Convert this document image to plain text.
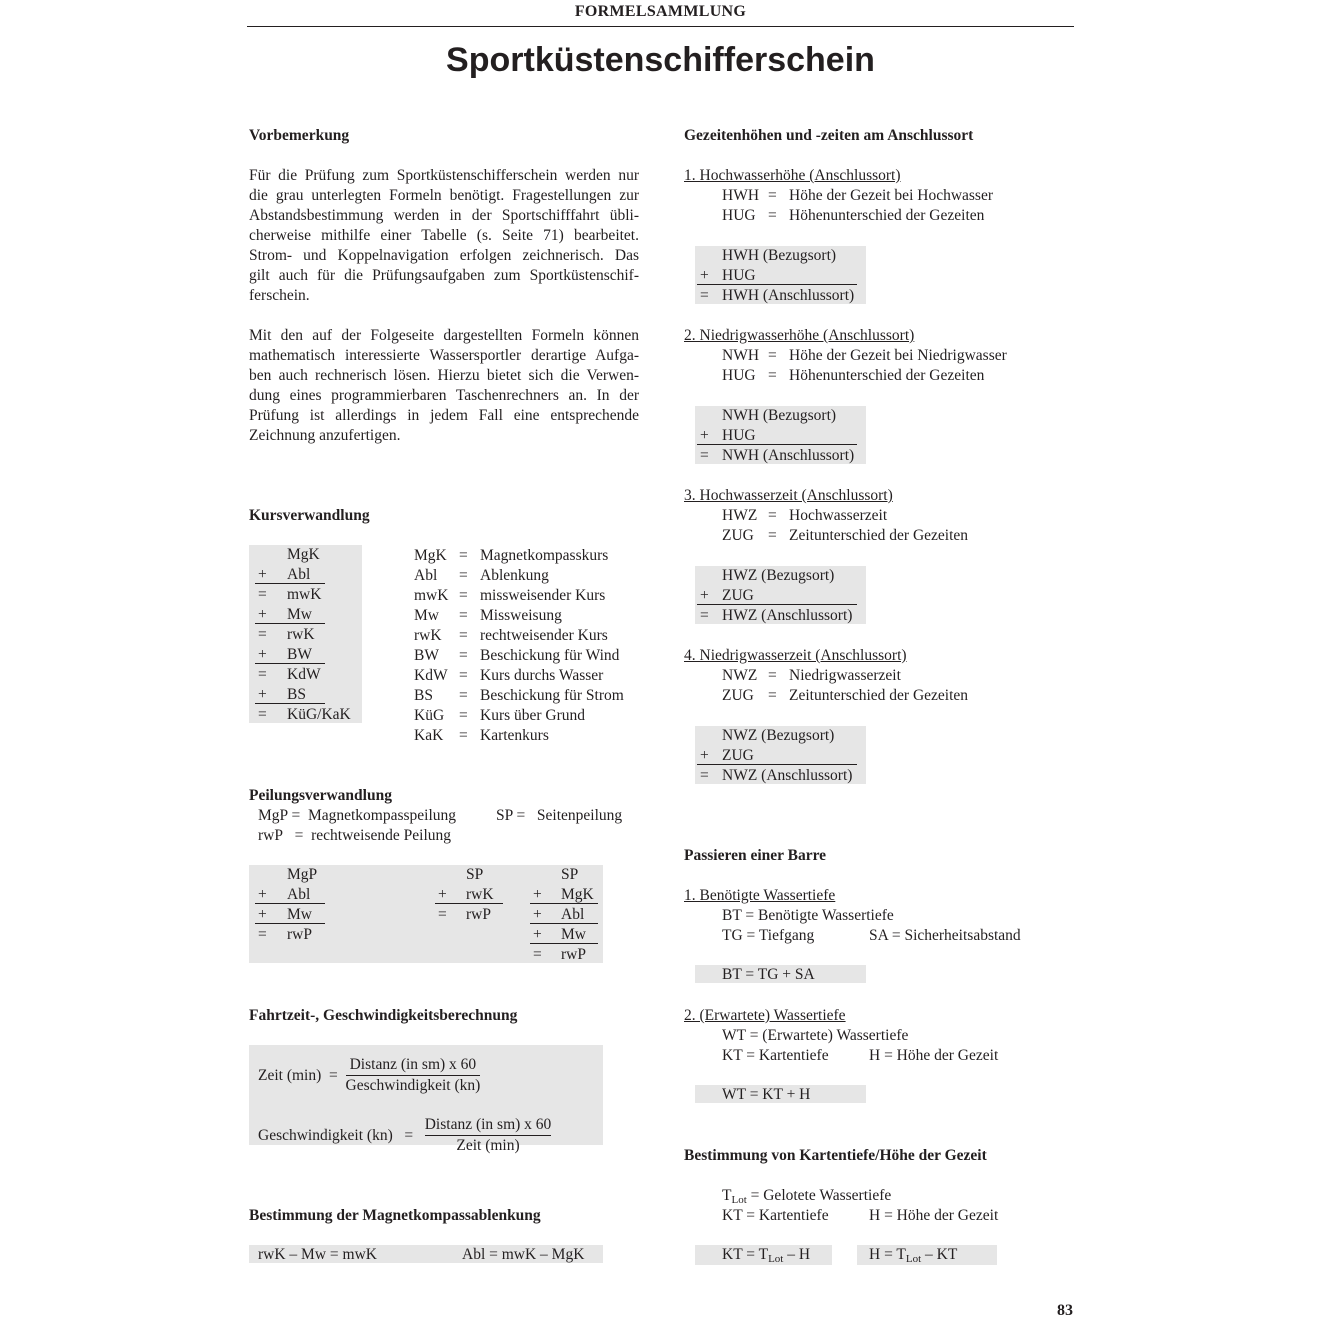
FORMELSAMMLUNG
Sportküstenschifferschein
Vorbemerkung
Für die Prüfung zum Sportküstenschifferschein werden nur
die grau unterlegten Formeln benötigt. Fragestellungen zur
Abstandsbestimmung werden in der Sportschifffahrt übli-
cherweise mithilfe einer Tabelle (s. Seite 71) bearbeitet.
Strom- und Koppelnavigation erfolgen zeichnerisch. Das
gilt auch für die Prüfungsaufgaben zum Sportküstenschif-
ferschein.
Mit den auf der Folgeseite dargestellten Formeln können
mathematisch interessierte Wassersportler derartige Aufga-
ben auch rechnerisch lösen. Hierzu bietet sich die Verwen-
dung eines programmierbaren Taschenrechners an. In der
Prüfung ist allerdings in jedem Fall eine entsprechende
Zeichnung anzufertigen.
Kursverwandlung
MgK
+ Abl
= mwK
+ Mw
= rwK
+ BW
= KdW
+ BS
= KüG/KaK
MgK = Magnetkompasskurs
Abl = Ablenkung
mwK = missweisender Kurs
Mw = Missweisung
rwK = rechtweisender Kurs
BW = Beschickung für Wind
KdW = Kurs durchs Wasser
BS = Beschickung für Strom
KüG = Kurs über Grund
KaK = Kartenkurs
Peilungsverwandlung
MgP = Magnetkompasspeilung	SP = Seitenpeilung
rwP = rechtweisende Peilung
MgP
+ Abl
+ Mw
= rwP
SP
+ rwK
= rwP
SP
+ MgK
+ Abl
+ Mw
= rwP
Fahrtzeit-, Geschwindigkeitsberechnung
Zeit $(\min) = \frac{\text{Distanz (in sm) x 60}}{\text{Geschwindigkeit (kn)}}$
Geschwindigkeit $(kn) = \frac{\text{Distanz (in sm) x 60}}{\text{Zeit (min)}}$
Bestimmung der Magnetkompassablenkung
rwK – Mw = mwK	Abl = mwK – MgK
Gezeitenhöhen und -zeiten am Anschlussort
1. Hochwasserhöhe (Anschlussort)
HWH = Höhe der Gezeit bei Hochwasser
HUG = Höhenunterschied der Gezeiten
HWH (Bezugsort)
+ HUG
= HWH (Anschlussort)
2. Niedrigwasserhöhe (Anschlussort)
NWH = Höhe der Gezeit bei Niedrigwasser
HUG = Höhenunterschied der Gezeiten
NWH (Bezugsort)
+ HUG
= NWH (Anschlussort)
3. Hochwasserzeit (Anschlussort)
HWZ = Hochwasserzeit
ZUG = Zeitunterschied der Gezeiten
HWZ (Bezugsort)
+ ZUG
= HWZ (Anschlussort)
4. Niedrigwasserzeit (Anschlussort)
NWZ = Niedrigwasserzeit
ZUG = Zeitunterschied der Gezeiten
NWZ (Bezugsort)
+ ZUG
= NWZ (Anschlussort)
Passieren einer Barre
1. Benötigte Wassertiefe
BT = Benötigte Wassertiefe
TG = Tiefgang	SA = Sicherheitsabstand
BT = TG + SA
2. (Erwartete) Wassertiefe
WT = (Erwartete) Wassertiefe
KT = Kartentiefe	H = Höhe der Gezeit
WT = KT + H
Bestimmung von Kartentiefe/Höhe der Gezeit
$T_{Lot}$ = Gelotete Wassertiefe
KT = Kartentiefe	H = Höhe der Gezeit
KT = $T_{Lot}$ – H	$H = T_{Lot}$ – KT
83
